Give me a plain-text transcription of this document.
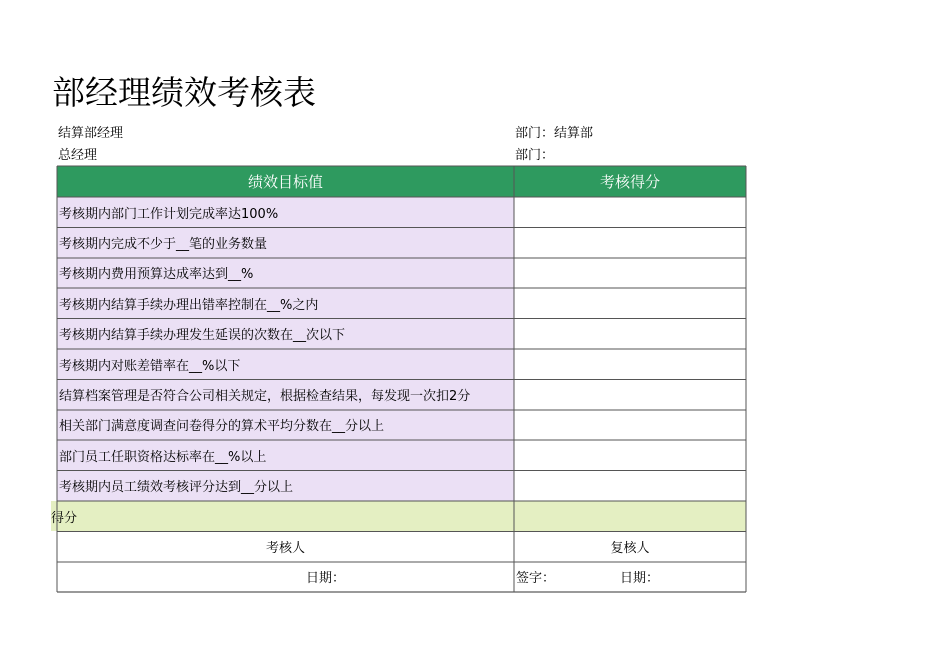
部经理绩效考核表
结算部经理	部门：结算部
总经理	部门：
绩效目标值	考核得分
考核期内部门工作计划完成率达100%
考核期内完成不少于__笔的业务数量
考核期内费用预算达成率达到__%
考核期内结算手续办理出错率控制在__%之内
考核期内结算手续办理发生延误的次数在__次以下
考核期内对账差错率在__%以下
结算档案管理是否符合公司相关规定，根据检查结果，每发现一次扣2分
相关部门满意度调查问卷得分的算术平均分数在__分以上
部门员工任职资格达标率在__%以上
考核期内员工绩效考核评分达到__分以上
得分
考核人	复核人
日期：	签字：	日期：
